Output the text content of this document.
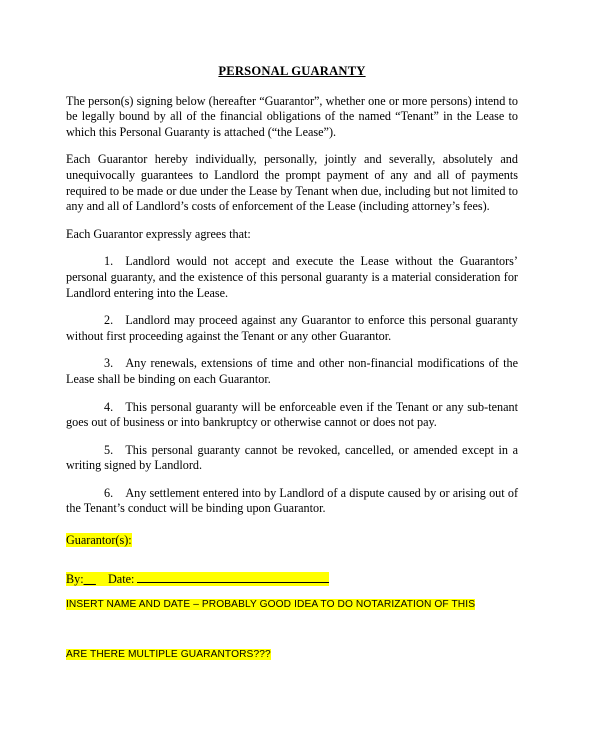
PERSONAL GUARANTY

The person(s) signing below (hereafter “Guarantor”, whether one or more persons) intend to be legally bound by all of the financial obligations of the named “Tenant” in the Lease to which this Personal Guaranty is attached (“the Lease”).

Each Guarantor hereby individually, personally, jointly and severally, absolutely and unequivocally guarantees to Landlord the prompt payment of any and all of payments required to be made or due under the Lease by Tenant when due, including but not limited to any and all of Landlord’s costs of enforcement of the Lease (including attorney’s fees).

Each Guarantor expressly agrees that:

1. Landlord would not accept and execute the Lease without the Guarantors’ personal guaranty, and the existence of this personal guaranty is a material consideration for Landlord entering into the Lease.

2. Landlord may proceed against any Guarantor to enforce this personal guaranty without first proceeding against the Tenant or any other Guarantor.

3. Any renewals, extensions of time and other non-financial modifications of the Lease shall be binding on each Guarantor.

4. This personal guaranty will be enforceable even if the Tenant or any sub-tenant goes out of business or into bankruptcy or otherwise cannot or does not pay.

5. This personal guaranty cannot be revoked, cancelled, or amended except in a writing signed by Landlord.

6. Any settlement entered into by Landlord of a dispute caused by or arising out of the Tenant’s conduct will be binding upon Guarantor.

Guarantor(s):
By:__ Date:
INSERT NAME AND DATE – PROBABLY GOOD IDEA TO DO NOTARIZATION OF THIS
ARE THERE MULTIPLE GUARANTORS???
